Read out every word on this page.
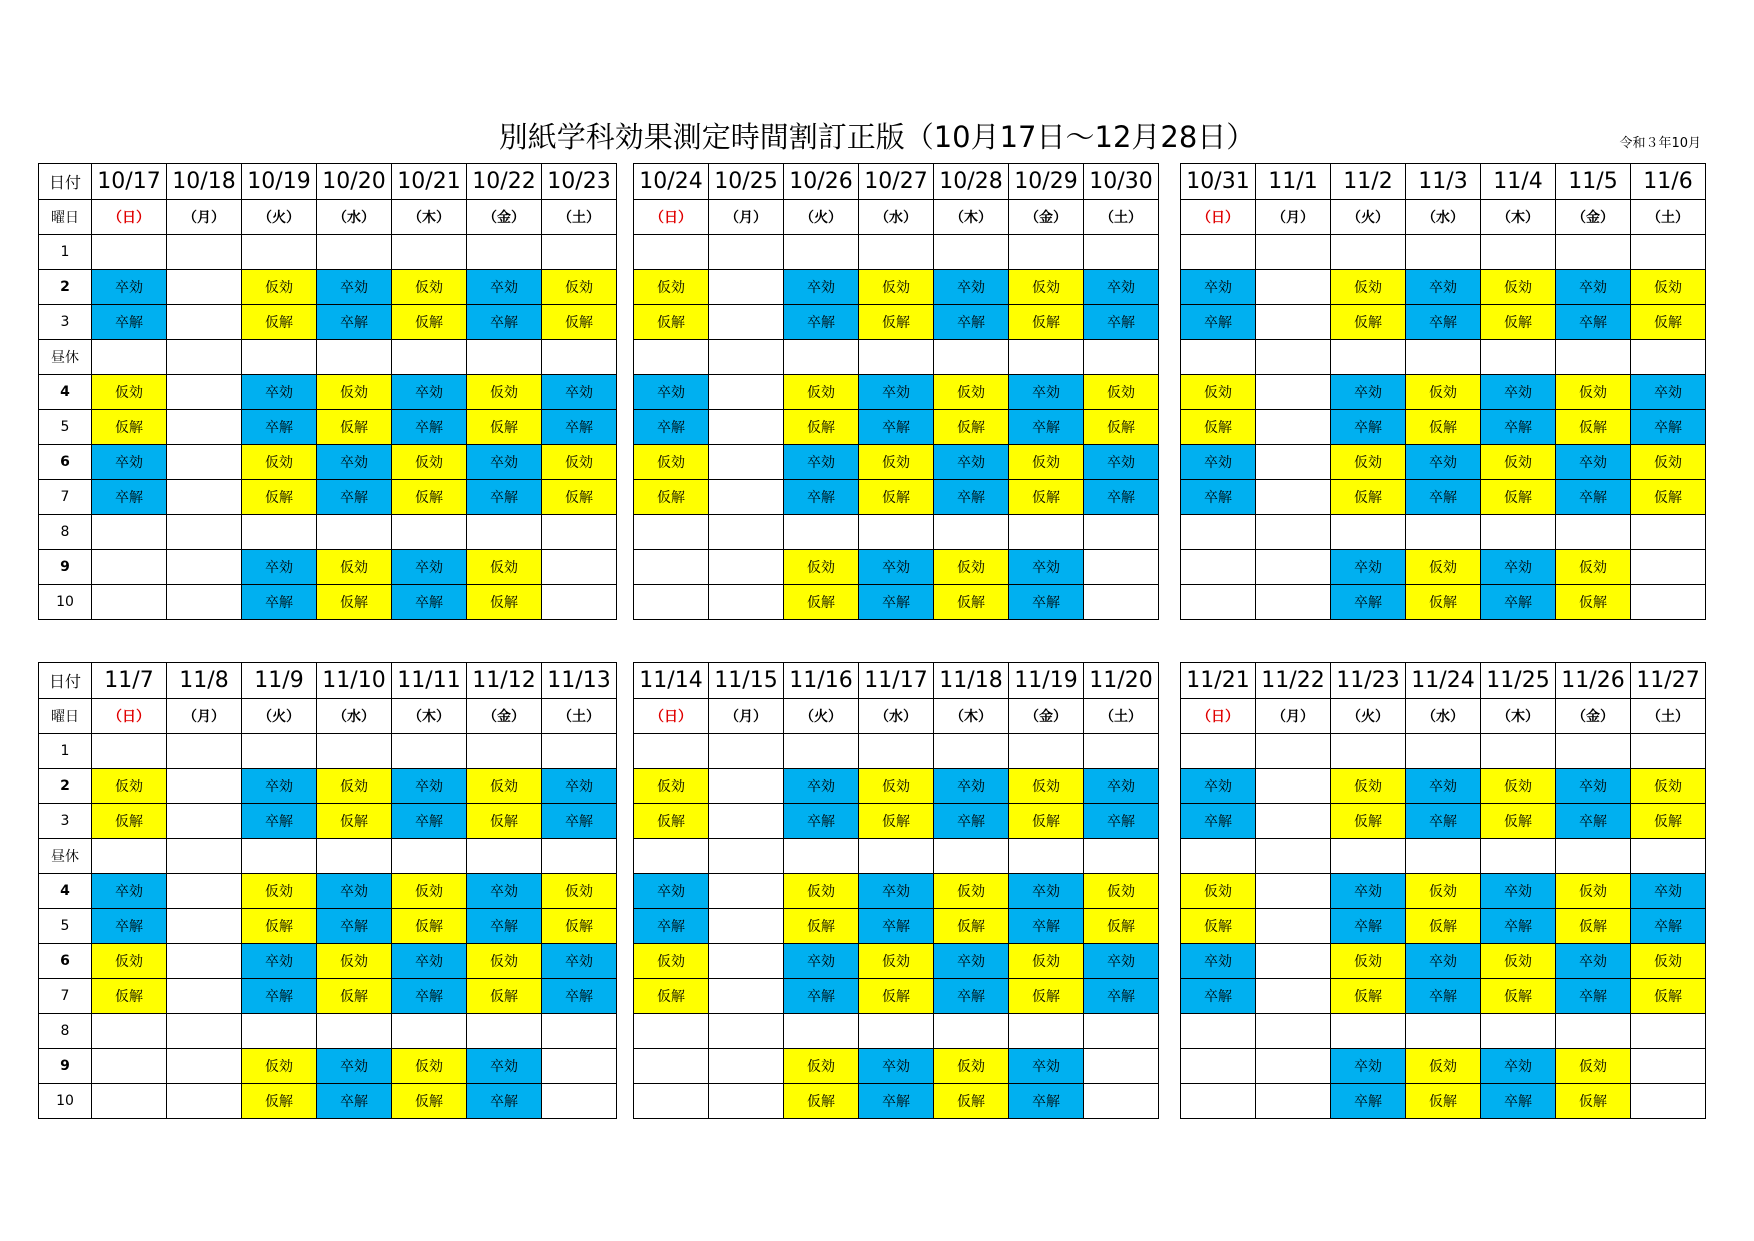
別紙学科効果測定時間割訂正版（10月17日～12月28日）	令和３年10月
日付	10/17	10/18	10/19	10/20	10/21	10/22	10/23
曜日	（日）	（月）	（火）	（水）	（木）	（金）	（土）
1							
2	卒効		仮効	卒効	仮効	卒効	仮効
3	卒解		仮解	卒解	仮解	卒解	仮解
昼休							
4	仮効		卒効	仮効	卒効	仮効	卒効
5	仮解		卒解	仮解	卒解	仮解	卒解
6	卒効		仮効	卒効	仮効	卒効	仮効
7	卒解		仮解	卒解	仮解	卒解	仮解
8							
9			卒効	仮効	卒効	仮効	
10			卒解	仮解	卒解	仮解	
10/24	10/25	10/26	10/27	10/28	10/29	10/30
（日）	（月）	（火）	（水）	（木）	（金）	（土）

仮効		卒効	仮効	卒効	仮効	卒効
仮解		卒解	仮解	卒解	仮解	卒解

卒効		仮効	卒効	仮効	卒効	仮効
卒解		仮解	卒解	仮解	卒解	仮解
仮効		卒効	仮効	卒効	仮効	卒効
仮解		卒解	仮解	卒解	仮解	卒解

		仮効	卒効	仮効	卒効	
		仮解	卒解	仮解	卒解	
10/31	11/1	11/2	11/3	11/4	11/5	11/6
（日）	（月）	（火）	（水）	（木）	（金）	（土）

卒効		仮効	卒効	仮効	卒効	仮効
卒解		仮解	卒解	仮解	卒解	仮解

仮効		卒効	仮効	卒効	仮効	卒効
仮解		卒解	仮解	卒解	仮解	卒解
卒効		仮効	卒効	仮効	卒効	仮効
卒解		仮解	卒解	仮解	卒解	仮解

		卒効	仮効	卒効	仮効	
		卒解	仮解	卒解	仮解	
日付	11/7	11/8	11/9	11/10	11/11	11/12	11/13
曜日	（日）	（月）	（火）	（水）	（木）	（金）	（土）
1							
2	仮効		卒効	仮効	卒効	仮効	卒効
3	仮解		卒解	仮解	卒解	仮解	卒解
昼休							
4	卒効		仮効	卒効	仮効	卒効	仮効
5	卒解		仮解	卒解	仮解	卒解	仮解
6	仮効		卒効	仮効	卒効	仮効	卒効
7	仮解		卒解	仮解	卒解	仮解	卒解
8							
9			仮効	卒効	仮効	卒効	
10			仮解	卒解	仮解	卒解	
11/14	11/15	11/16	11/17	11/18	11/19	11/20
（日）	（月）	（火）	（水）	（木）	（金）	（土）

仮効		卒効	仮効	卒効	仮効	卒効
仮解		卒解	仮解	卒解	仮解	卒解

卒効		仮効	卒効	仮効	卒効	仮効
卒解		仮解	卒解	仮解	卒解	仮解
仮効		卒効	仮効	卒効	仮効	卒効
仮解		卒解	仮解	卒解	仮解	卒解

		仮効	卒効	仮効	卒効	
		仮解	卒解	仮解	卒解	
11/21	11/22	11/23	11/24	11/25	11/26	11/27
（日）	（月）	（火）	（水）	（木）	（金）	（土）

卒効		仮効	卒効	仮効	卒効	仮効
卒解		仮解	卒解	仮解	卒解	仮解

仮効		卒効	仮効	卒効	仮効	卒効
仮解		卒解	仮解	卒解	仮解	卒解
卒効		仮効	卒効	仮効	卒効	仮効
卒解		仮解	卒解	仮解	卒解	仮解

		卒効	仮効	卒効	仮効	
		卒解	仮解	卒解	仮解	
